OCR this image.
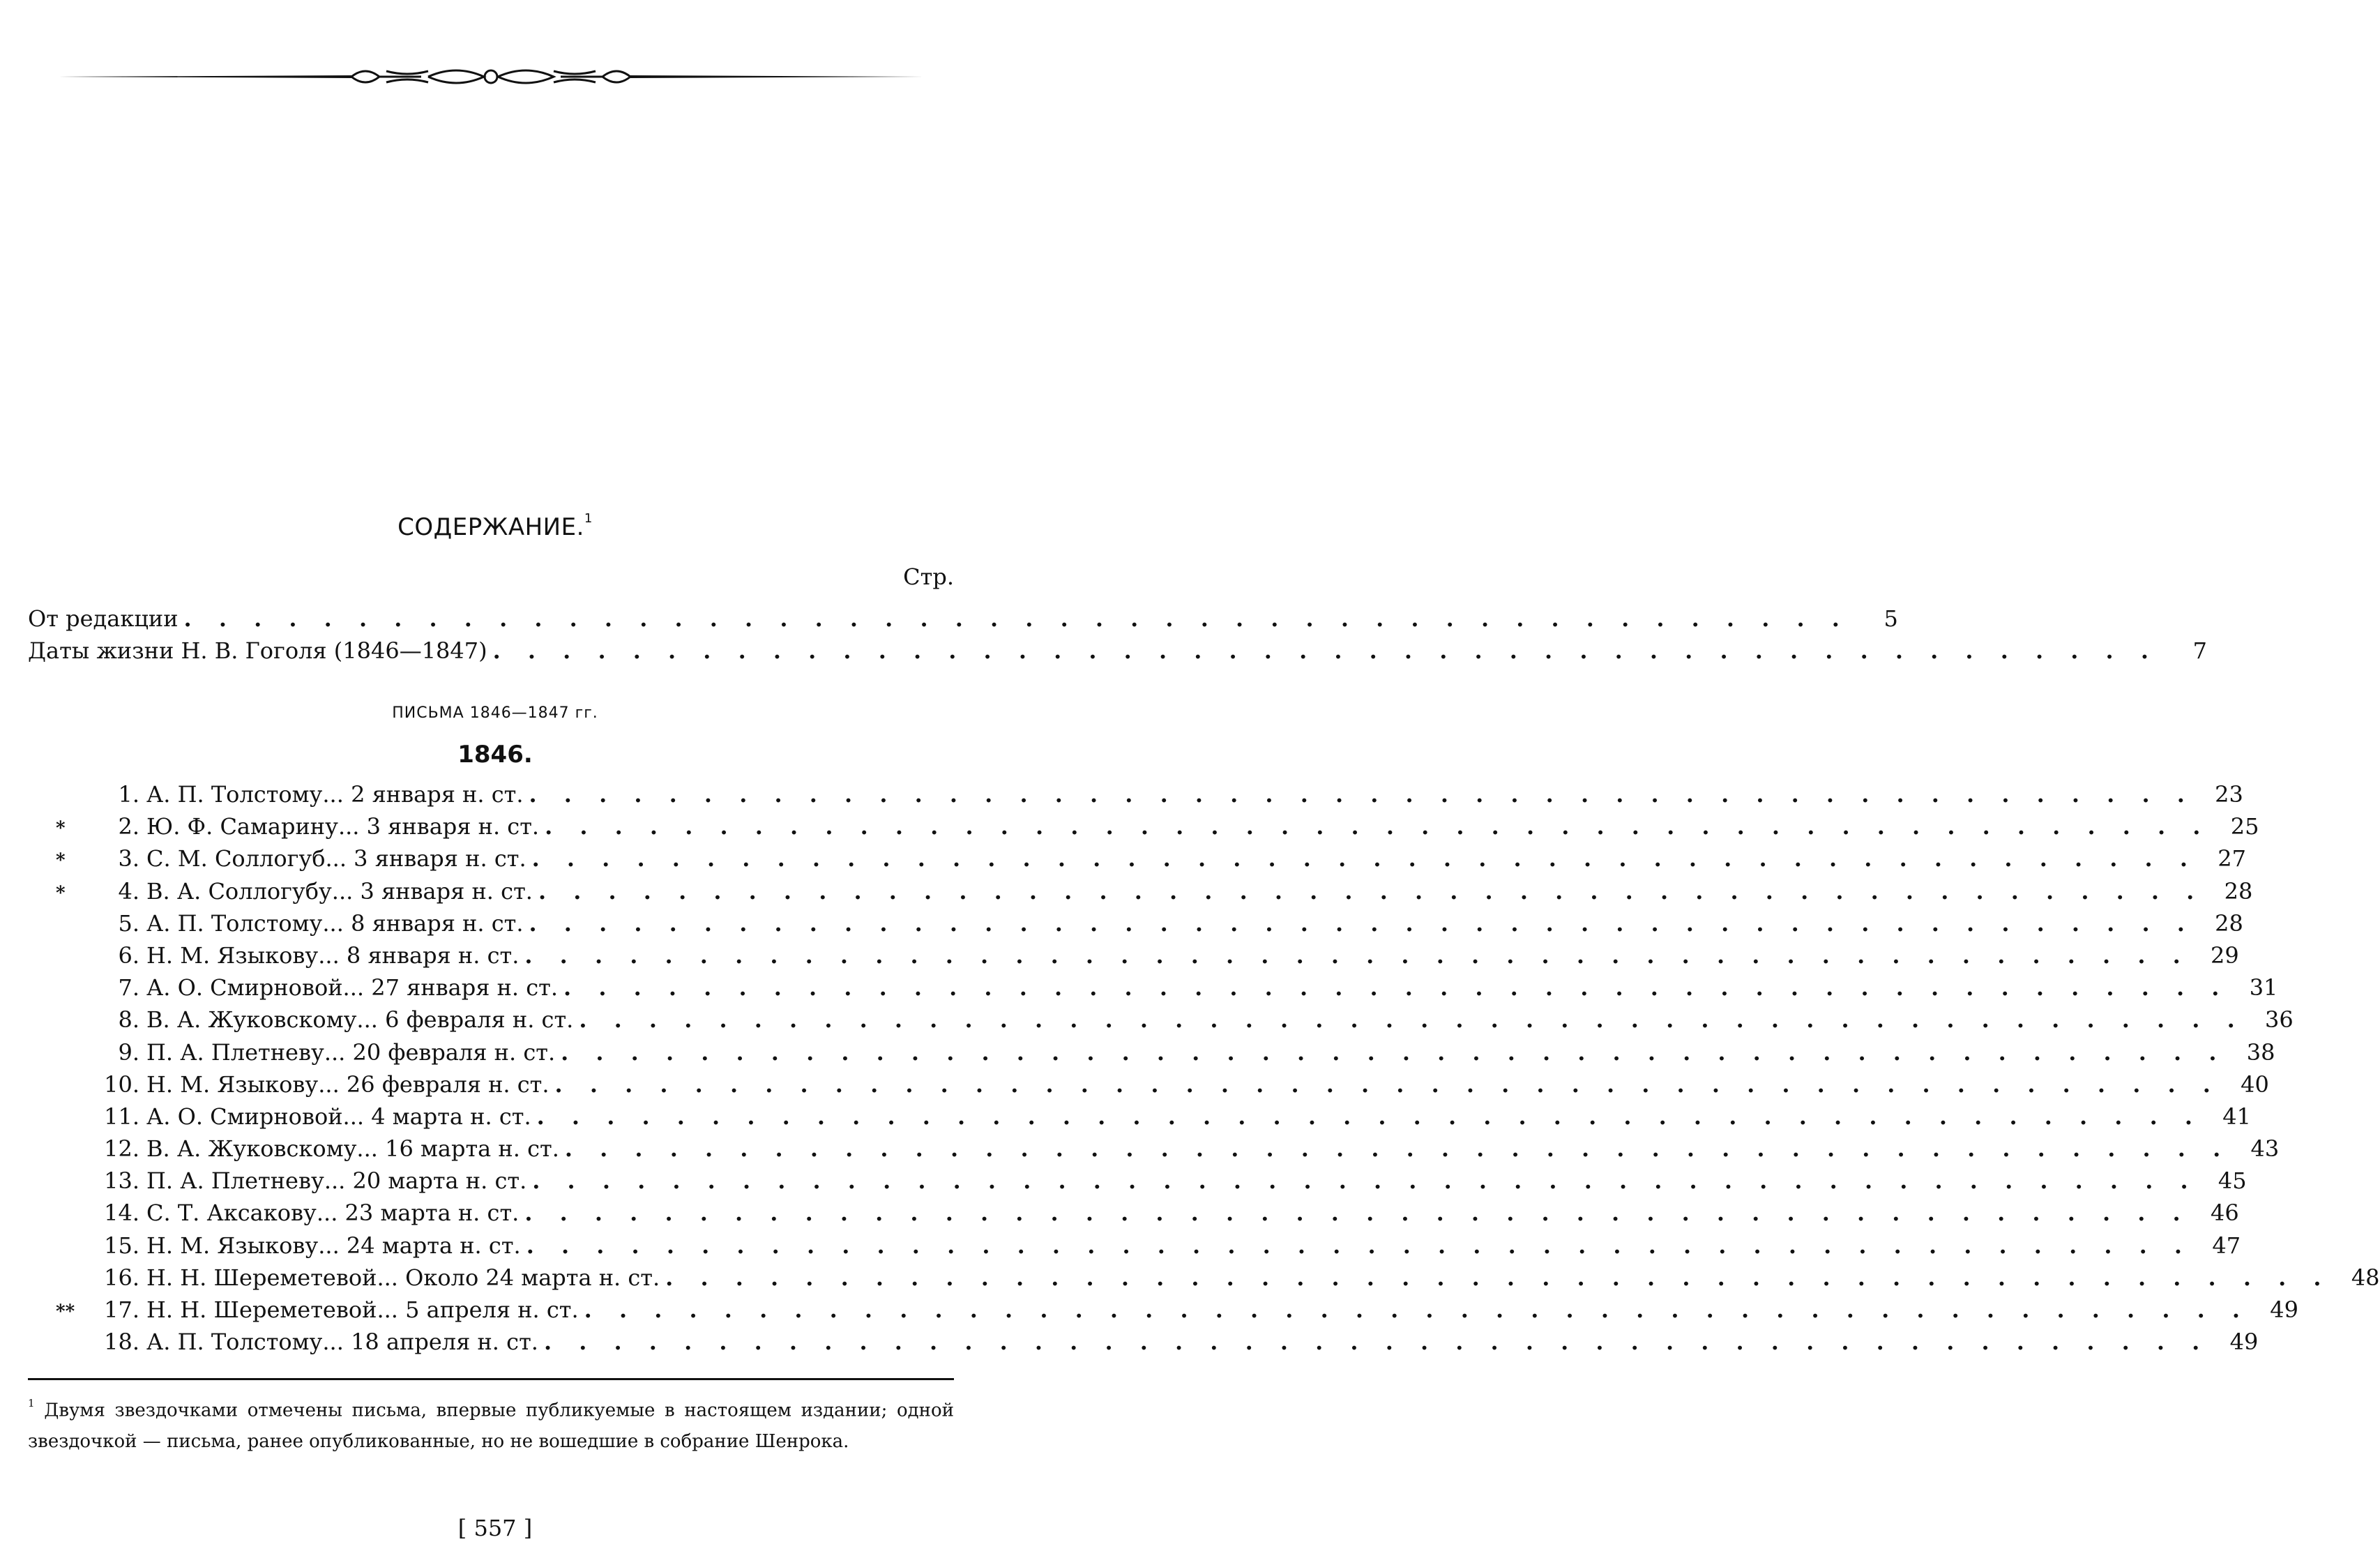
СОДЕРЖАНИЕ.$^1$
Стр.
От редакции . . . . . . . . . . . . . . . . . . . . . . . . . . . . . . . . . . . . . . . . . . . . . . . .	5
Даты жизни Н. В. Гоголя (1846—1847) . . . . . . . . . . . . . . . . . . . . . . . . . . . . . . . . . . . . . . . . . . . . . . . .	7
ПИСЬМА 1846—1847 гг.
1846.
1. А. П. Толстому... 2 января н. ст. . . . . . . . . . . . . . . . . . . . . . . . . . . . . . . . . . . . . . . . . . . . . . . . . 23
*	2. Ю. Ф. Самарину... 3 января н. ст. . . . . . . . . . . . . . . . . . . . . . . . . . . . . . . . . . . . . . . . . . . . . . . . . 25
*	3. С. М. Соллогуб... 3 января н. ст. . . . . . . . . . . . . . . . . . . . . . . . . . . . . . . . . . . . . . . . . . . . . . . . . 27
*	4. В. А. Соллогубу... 3 января н. ст. . . . . . . . . . . . . . . . . . . . . . . . . . . . . . . . . . . . . . . . . . . . . . . . . 28
5. А. П. Толстому... 8 января н. ст. . . . . . . . . . . . . . . . . . . . . . . . . . . . . . . . . . . . . . . . . . . . . . . . . 28
6. Н. М. Языкову... 8 января н. ст. . . . . . . . . . . . . . . . . . . . . . . . . . . . . . . . . . . . . . . . . . . . . . . . . 29
7. А. О. Смирновой... 27 января н. ст. . . . . . . . . . . . . . . . . . . . . . . . . . . . . . . . . . . . . . . . . . . . . . . . . 31
8. В. А. Жуковскому... 6 февраля н. ст. . . . . . . . . . . . . . . . . . . . . . . . . . . . . . . . . . . . . . . . . . . . . . . . . 36
9. П. А. Плетневу... 20 февраля н. ст. . . . . . . . . . . . . . . . . . . . . . . . . . . . . . . . . . . . . . . . . . . . . . . . . 38
10. Н. М. Языкову... 26 февраля н. ст. . . . . . . . . . . . . . . . . . . . . . . . . . . . . . . . . . . . . . . . . . . . . . . . . 40
11. А. О. Смирновой... 4 марта н. ст. . . . . . . . . . . . . . . . . . . . . . . . . . . . . . . . . . . . . . . . . . . . . . . . . 41
12. В. А. Жуковскому... 16 марта н. ст. . . . . . . . . . . . . . . . . . . . . . . . . . . . . . . . . . . . . . . . . . . . . . . . . 43
13. П. А. Плетневу... 20 марта н. ст. . . . . . . . . . . . . . . . . . . . . . . . . . . . . . . . . . . . . . . . . . . . . . . . . 45
14. С. Т. Аксакову... 23 марта н. ст. . . . . . . . . . . . . . . . . . . . . . . . . . . . . . . . . . . . . . . . . . . . . . . . . 46
15. Н. М. Языкову... 24 марта н. ст. . . . . . . . . . . . . . . . . . . . . . . . . . . . . . . . . . . . . . . . . . . . . . . . . 47
16. Н. Н. Шереметевой... Около 24 марта н. ст. . . . . . . . . . . . . . . . . . . . . . . . . . . . . . . . . . . . . . . . . . . . . . . . . 48
**	17. Н. Н. Шереметевой... 5 апреля н. ст. . . . . . . . . . . . . . . . . . . . . . . . . . . . . . . . . . . . . . . . . . . . . . . . . 49
18. А. П. Толстому... 18 апреля н. ст. . . . . . . . . . . . . . . . . . . . . . . . . . . . . . . . . . . . . . . . . . . . . . . . . 49
$^1$ Двумя звездочками отмечены письма, впервые публикуемые в настоящем издании; одной звездочкой — письма, ранее опубликованные, но не вошедшие в собрание Шенрока.
[ 557 ]
